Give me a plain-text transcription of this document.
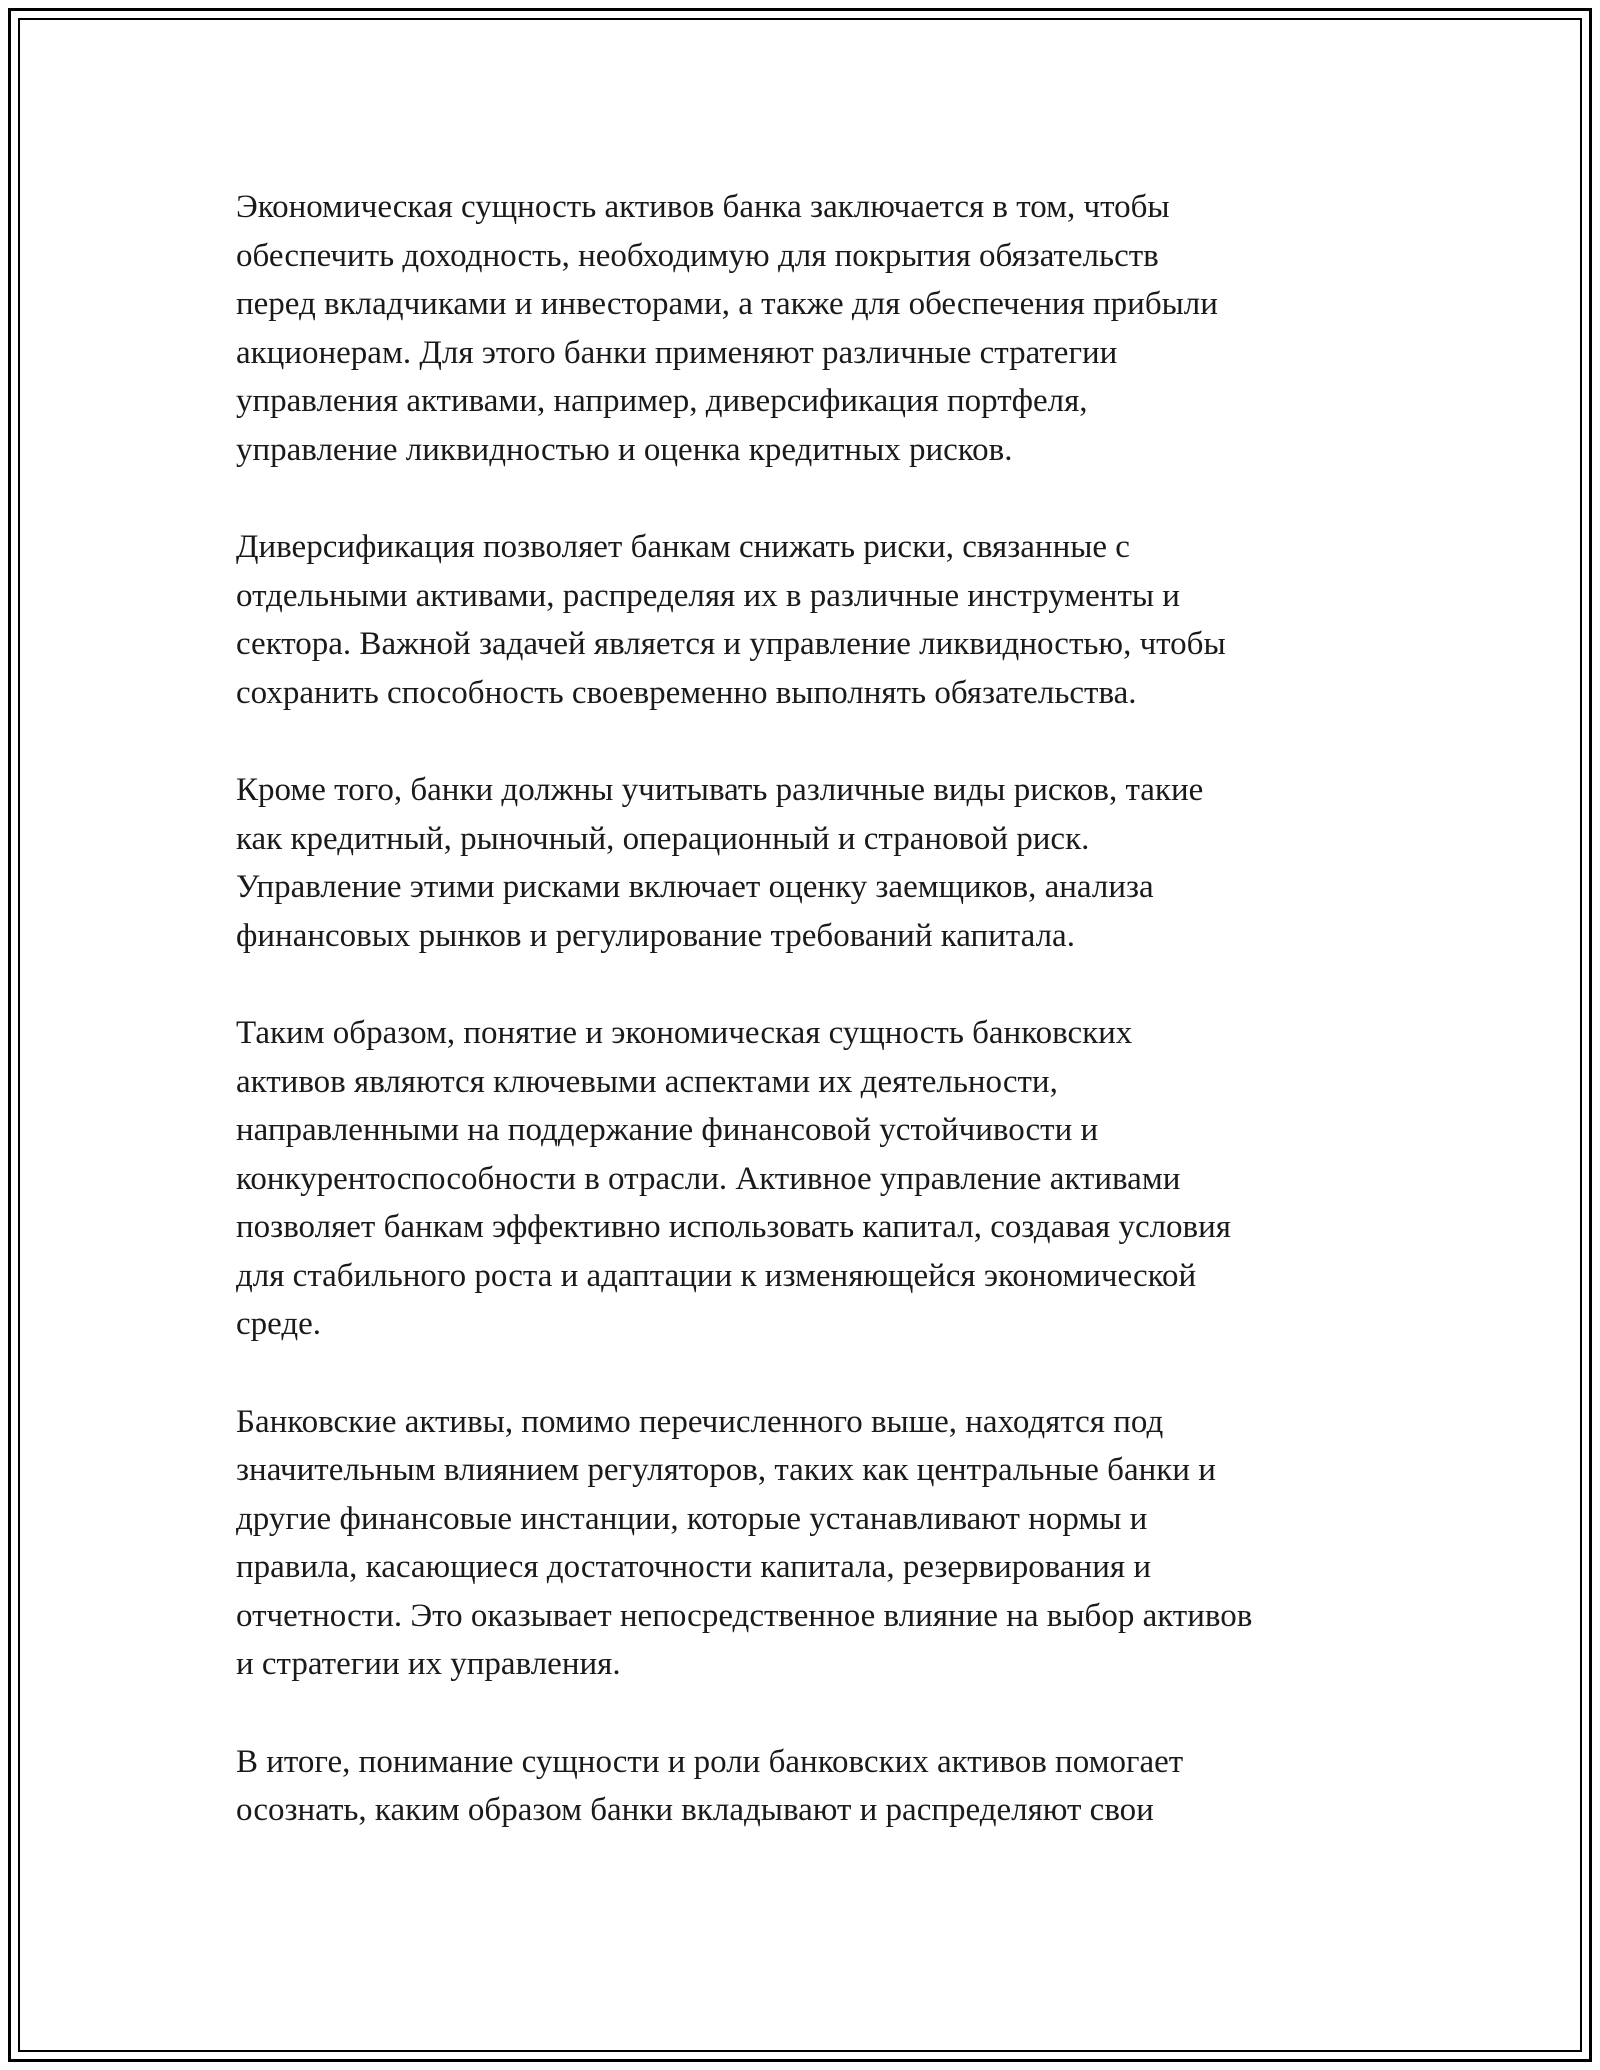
Экономическая сущность активов банка заключается в том, чтобы
обеспечить доходность, необходимую для покрытия обязательств
перед вкладчиками и инвесторами, а также для обеспечения прибыли
акционерам. Для этого банки применяют различные стратегии
управления активами, например, диверсификация портфеля,
управление ликвидностью и оценка кредитных рисков.

Диверсификация позволяет банкам снижать риски, связанные с
отдельными активами, распределяя их в различные инструменты и
сектора. Важной задачей является и управление ликвидностью, чтобы
сохранить способность своевременно выполнять обязательства.

Кроме того, банки должны учитывать различные виды рисков, такие
как кредитный, рыночный, операционный и страновой риск.
Управление этими рисками включает оценку заемщиков, анализа
финансовых рынков и регулирование требований капитала.

Таким образом, понятие и экономическая сущность банковских
активов являются ключевыми аспектами их деятельности,
направленными на поддержание финансовой устойчивости и
конкурентоспособности в отрасли. Активное управление активами
позволяет банкам эффективно использовать капитал, создавая условия
для стабильного роста и адаптации к изменяющейся экономической
среде.

Банковские активы, помимо перечисленного выше, находятся под
значительным влиянием регуляторов, таких как центральные банки и
другие финансовые инстанции, которые устанавливают нормы и
правила, касающиеся достаточности капитала, резервирования и
отчетности. Это оказывает непосредственное влияние на выбор активов
и стратегии их управления.

В итоге, понимание сущности и роли банковских активов помогает
осознать, каким образом банки вкладывают и распределяют свои
